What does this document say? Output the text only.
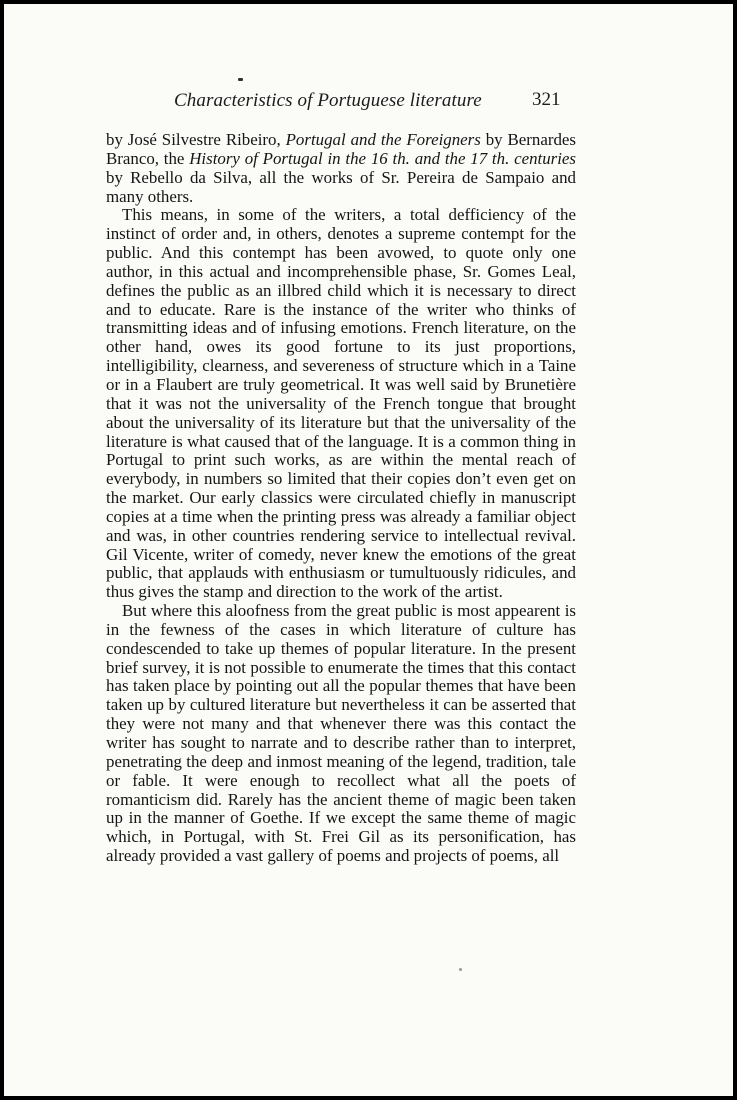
Characteristics of Portuguese literature	321

by José Silvestre Ribeiro, Portugal and the Foreigners by Bernardes Branco, the History of Portugal in the 16 th. and the 17 th. centuries by Rebello da Silva, all the works of Sr. Pereira de Sampaio and many others.

This means, in some of the writers, a total defficiency of the instinct of order and, in others, denotes a supreme contempt for the public. And this contempt has been avowed, to quote only one author, in this actual and incomprehensible phase, Sr. Gomes Leal, defines the public as an illbred child which it is necessary to direct and to educate. Rare is the instance of the writer who thinks of transmitting ideas and of infusing emotions. French literature, on the other hand, owes its good fortune to its just proportions, intelligibility, clearness, and severeness of structure which in a Taine or in a Flaubert are truly geometrical. It was well said by Brunetière that it was not the universality of the French tongue that brought about the universality of its literature but that the universality of the literature is what caused that of the language. It is a common thing in Portugal to print such works, as are within the mental reach of everybody, in numbers so limited that their copies don’t even get on the market. Our early classics were circulated chiefly in manuscript copies at a time when the printing press was already a familiar object and was, in other countries rendering service to intellectual revival. Gil Vicente, writer of comedy, never knew the emotions of the great public, that applauds with enthusiasm or tumultuously ridicules, and thus gives the stamp and direction to the work of the artist.

But where this aloofness from the great public is most appearent is in the fewness of the cases in which literature of culture has condescended to take up themes of popular literature. In the present brief survey, it is not possible to enumerate the times that this contact has taken place by pointing out all the popular themes that have been taken up by cultured literature but nevertheless it can be asserted that they were not many and that whenever there was this contact the writer has sought to narrate and to describe rather than to interpret, penetrating the deep and inmost meaning of the legend, tradition, tale or fable. It were enough to recollect what all the poets of romanticism did. Rarely has the ancient theme of magic been taken up in the manner of Goethe. If we except the same theme of magic which, in Portugal, with St. Frei Gil as its personification, has already provided a vast gallery of poems and projects of poems, all
